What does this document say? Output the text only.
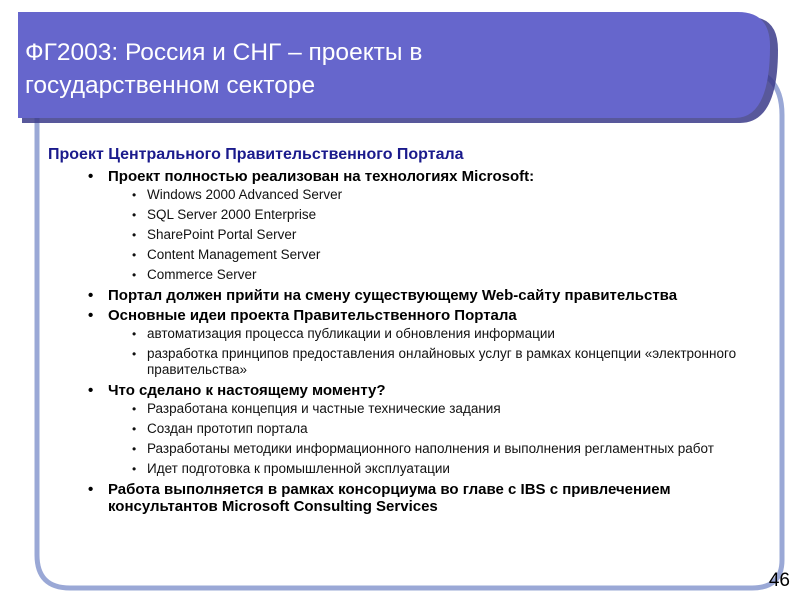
ФГ2003: Россия и СНГ – проекты в
государственном секторе
Проект Центрального Правительственного Портала
• Проект полностью реализован на технологиях Microsoft:
• Windows 2000 Advanced Server
• SQL Server 2000 Enterprise
• SharePoint Portal Server
• Content Management Server
• Commerce Server
• Портал должен прийти на смену существующему Web-сайту правительства
• Основные идеи проекта Правительственного Портала
• автоматизация процесса публикации и обновления информации
• разработка принципов предоставления онлайновых услуг в рамках концепции «электронного правительства»
• Что сделано к настоящему моменту?
• Разработана концепция и частные технические задания
• Создан прототип портала
• Разработаны методики информационного наполнения и выполнения регламентных работ
• Идет подготовка к промышленной эксплуатации
• Работа выполняется в рамках консорциума во главе с IBS с привлечением консультантов Microsoft Consulting Services
46
